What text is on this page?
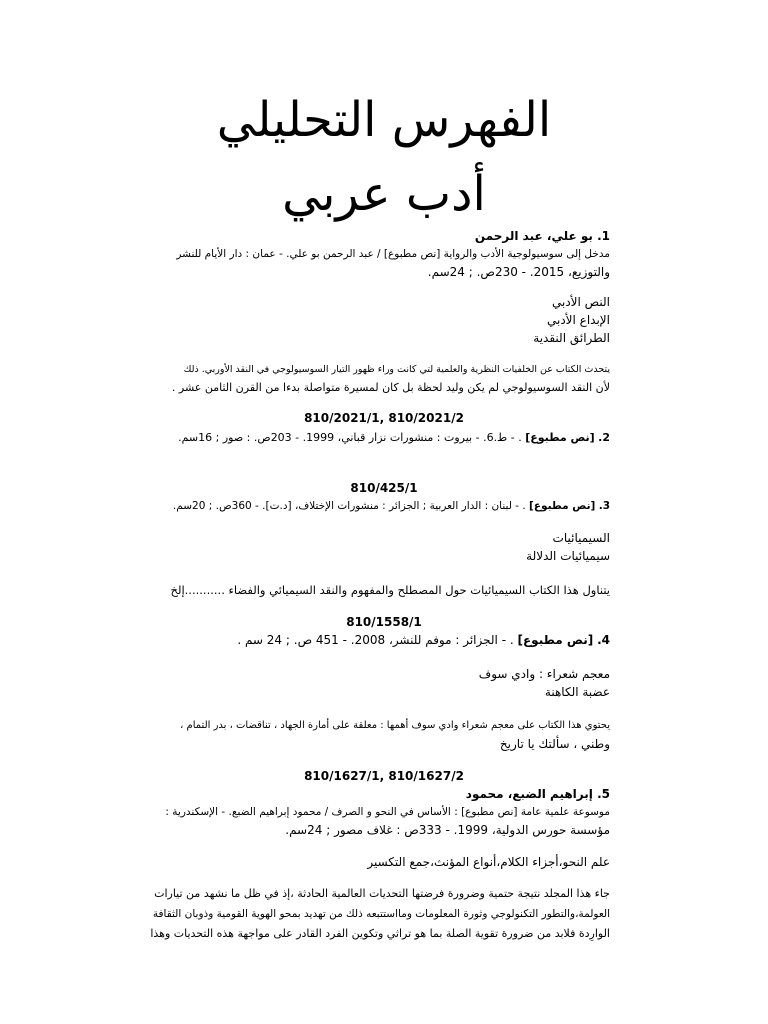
الفهرس التحليلي
أدب عربي
1. بو علي، عبد الرحمن
مدخل إلى سوسيولوجية الأدب والرواية [نص مطبوع] / عبد الرحمن بو علي. - عمان : دار الأيام للنشر
والتوزيع، 2015. - 230ص. ; 24سم.
النص الأدبي
الإبداع الأدبي
الطرائق النقدية
يتحدث الكتاب عن الخلفيات النظرية والعلمية لتي كانت وراء ظهور التيار السوسيولوجي في النقد الأوربي. ذلك
لأن النقد السوسيولوجي لم يكن وليد لحظة بل كان لمسيرة متواصلة بدءا من القرن الثامن عشر .
810/2021/1, 810/2021/2
2. [نص مطبوع] . - ط.6. - بيروت : منشورات نزار قباني، 1999. - 203ص. : صور ; 16سم.
810/425/1
3. [نص مطبوع] . - لبنان : الدار العربية ; الجزائر : منشورات الإختلاف، [د.ت]. - 360ص. ; 20سم.
السيميائيات
سيميائيات الدلالة
يتناول هذا الكتاب السيميائيات حول المصطلح والمفهوم والنقد السيميائي والفضاء ...........إلخ
810/1558/1
4. [نص مطبوع] . - الجزائر : موفم للنشر، 2008. - 451 ص. ; 24 سم .
معجم شعراء : وادي سوف
عضبة الكاهنة
يحتوي هذا الكتاب على معجم شعراء وادي سوف أهمها : معلقة على أمارة الجهاد ، تناقضات ، بدر التمام ،
وطني ، سألتك يا تاريخ
810/1627/1, 810/1627/2
5. إبراهيم الضبع، محمود
موسوعة علمية عامة [نص مطبوع] : الأساس في النحو و الصرف / محمود إبراهيم الضبع. - الإسكندرية :
مؤسسة حورس الدولية، 1999. - 333ص : غلاف مصور ; 24سم.
علم النحو،أجزاء الكلام،أنواع المؤنث،جمع التكسير
جاء هذا المجلد نتيجة حتمية وضرورة فرضتها التحديات العالمية الحادثة ،إذ في ظل ما نشهد من تيارات
العولمة،والتطور التكنولوجي وثورة المعلومات ومااستتبعه ذلك من تهديد بمحو الهوية القومية وذوبان الثقافة
الوارِدة فلابد من ضرورة تقوية الصلة بما هو تراثي وتكوين الفرد القادر على مواجهة هذه التحديات وهذا
